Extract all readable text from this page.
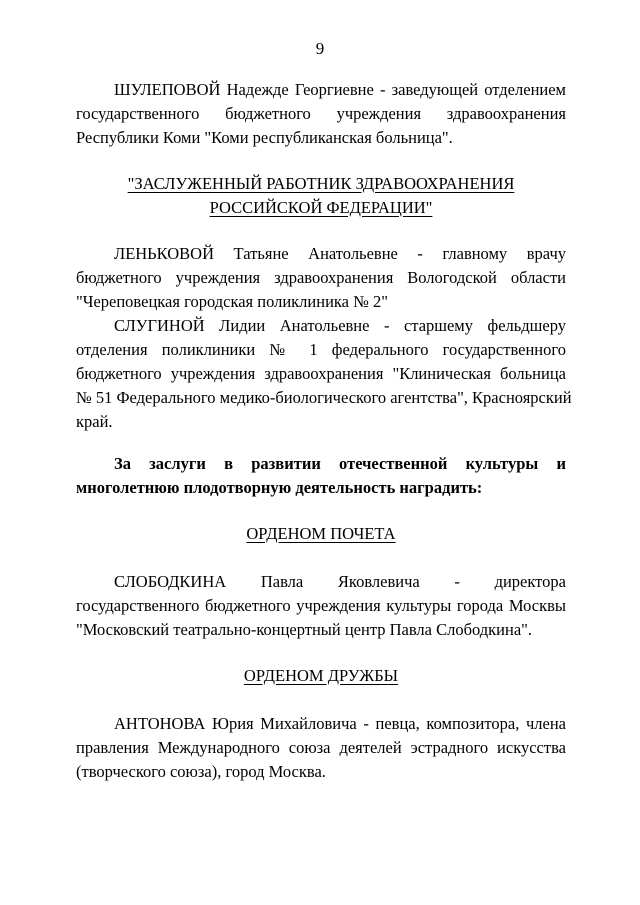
9

ШУЛЕПОВОЙ Надежде Георгиевне - заведующей отделением

государственного бюджетного учреждения здравоохранения

Республики Коми "Коми республиканская больница".

"ЗАСЛУЖЕННЫЙ РАБОТНИК ЗДРАВООХРАНЕНИЯ

РОССИЙСКОЙ ФЕДЕРАЦИИ"

ЛЕНЬКОВОЙ Татьяне Анатольевне - главному врачу

бюджетного учреждения здравоохранения Вологодской области

"Череповецкая городская поликлиника № 2"

СЛУГИНОЙ Лидии Анатольевне - старшему фельдшеру

отделения поликлиники № 1 федерального государственного

бюджетного учреждения здравоохранения "Клиническая больница

№ 51 Федерального медико-биологического агентства", Красноярский

край.

За заслуги в развитии отечественной культуры и

многолетнюю плодотворную деятельность наградить:

ОРДЕНОМ ПОЧЕТА

СЛОБОДКИНА Павла Яковлевича - директора

государственного бюджетного учреждения культуры города Москвы

"Московский театрально-концертный центр Павла Слободкина".

ОРДЕНОМ ДРУЖБЫ

АНТОНОВА Юрия Михайловича - певца, композитора, члена

правления Международного союза деятелей эстрадного искусства

(творческого союза), город Москва.
